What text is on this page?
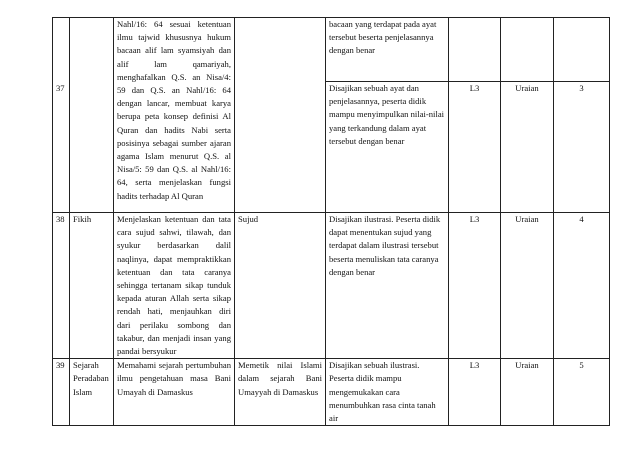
37		Nahl/16: 64 sesuai ketentuan ilmu tajwid khususnya hukum bacaan alif lam syamsiyah dan alif lam qamariyah, menghafalkan Q.S. an Nisa/4: 59 dan Q.S. an Nahl/16: 64 dengan lancar, membuat karya berupa peta konsep definisi Al Quran dan hadits Nabi serta posisinya sebagai sumber ajaran agama Islam menurut Q.S. al Nisa/5: 59 dan Q.S. al Nahl/16: 64, serta menjelaskan fungsi hadits terhadap Al Quran		bacaan yang terdapat pada ayat tersebut beserta penjelasannya dengan benar			
				Disajikan sebuah ayat dan penjelasannya, peserta didik mampu menyimpulkan nilai-nilai yang terkandung dalam ayat tersebut dengan benar	L3	Uraian	3
38	Fikih	Menjelaskan ketentuan dan tata cara sujud sahwi, tilawah, dan syukur berdasarkan dalil naqlinya, dapat mempraktikkan ketentuan dan tata caranya sehingga tertanam sikap tunduk kepada aturan Allah serta sikap rendah hati, menjauhkan diri dari perilaku sombong dan takabur, dan menjadi insan yang pandai bersyukur	Sujud	Disajikan ilustrasi. Peserta didik dapat menentukan sujud yang terdapat dalam ilustrasi tersebut beserta menuliskan tata caranya dengan benar	L3	Uraian	4
39	Sejarah Peradaban Islam	Memahami sejarah pertumbuhan ilmu pengetahuan masa Bani Umayah di Damaskus	Memetik nilai Islami dalam sejarah Bani Umayyah di Damaskus	Disajikan sebuah ilustrasi. Peserta didik mampu mengemukakan cara menumbuhkan rasa cinta tanah air	L3	Uraian	5
